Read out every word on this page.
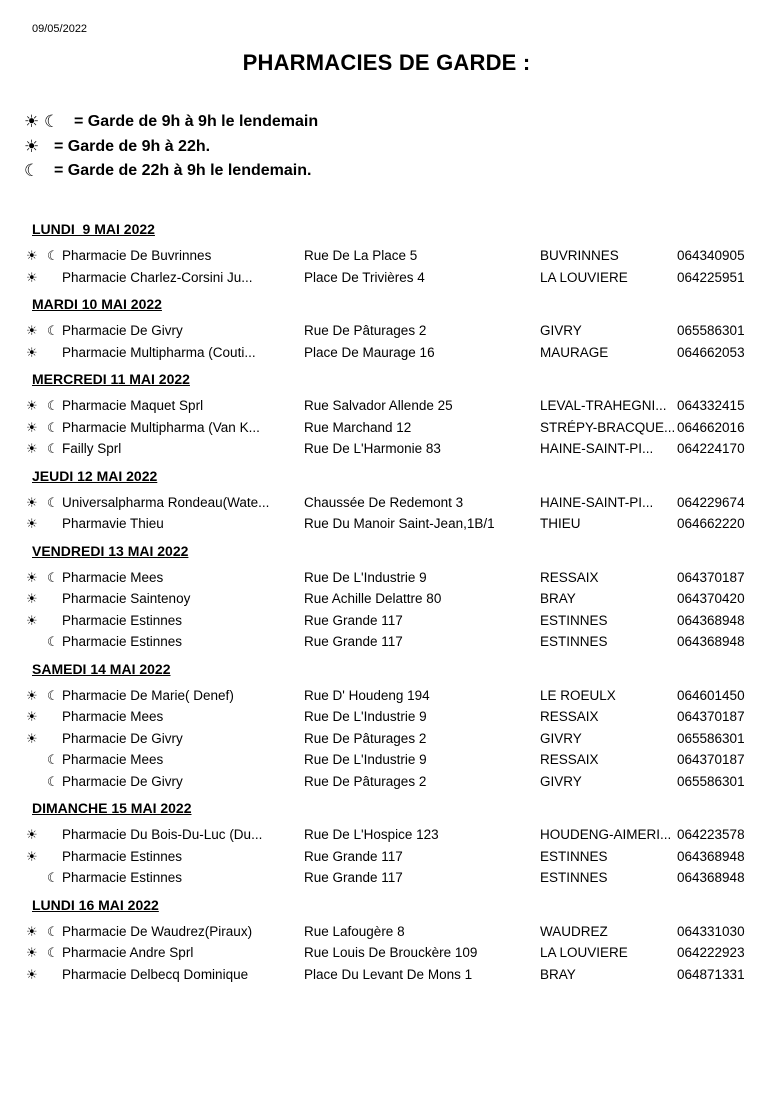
09/05/2022
PHARMACIES DE GARDE :
☀ ☾ = Garde de 9h à 9h le lendemain
☀ = Garde de 9h à 22h.
☾ = Garde de 22h à 9h le lendemain.
LUNDI  9 MAI 2022
☀ ☾ Pharmacie De Buvrinnes	Rue De La Place 5	BUVRINNES	064340905
☀ Pharmacie Charlez-Corsini Ju...	Place De Trivières 4	LA LOUVIERE	064225951
MARDI 10 MAI 2022
☀ ☾ Pharmacie De Givry	Rue De Pâturages 2	GIVRY	065586301
☀ Pharmacie Multipharma (Couti...	Place De Maurage 16	MAURAGE	064662053
MERCREDI 11 MAI 2022
☀ ☾ Pharmacie Maquet Sprl	Rue Salvador Allende 25	LEVAL-TRAHEGNI... 064332415
☀ ☾ Pharmacie Multipharma (Van K...	Rue Marchand 12	STRÉPY-BRACQUE... 064662016
☀ ☾ Failly Sprl	Rue De L'Harmonie 83	HAINE-SAINT-PI... 064224170
JEUDI 12 MAI 2022
☀ ☾ Universalpharma Rondeau(Wate...	Chaussée De Redemont 3	HAINE-SAINT-PI... 064229674
☀ Pharmavie Thieu	Rue Du Manoir Saint-Jean,1B/1	THIEU	064662220
VENDREDI 13 MAI 2022
☀ ☾ Pharmacie Mees	Rue De L'Industrie 9	RESSAIX	064370187
☀ Pharmacie Saintenoy	Rue Achille Delattre 80	BRAY	064370420
☀ Pharmacie Estinnes	Rue Grande 117	ESTINNES	064368948
☾ Pharmacie Estinnes	Rue Grande 117	ESTINNES	064368948
SAMEDI 14 MAI 2022
☀ ☾ Pharmacie De Marie( Denef)	Rue D' Houdeng 194	LE ROEULX	064601450
☀ Pharmacie Mees	Rue De L'Industrie 9	RESSAIX	064370187
☀ Pharmacie De Givry	Rue De Pâturages 2	GIVRY	065586301
☾ Pharmacie Mees	Rue De L'Industrie 9	RESSAIX	064370187
☾ Pharmacie De Givry	Rue De Pâturages 2	GIVRY	065586301
DIMANCHE 15 MAI 2022
☀ Pharmacie Du Bois-Du-Luc (Du...	Rue De L'Hospice 123	HOUDENG-AIMERI... 064223578
☀ Pharmacie Estinnes	Rue Grande 117	ESTINNES	064368948
☾ Pharmacie Estinnes	Rue Grande 117	ESTINNES	064368948
LUNDI 16 MAI 2022
☀ ☾ Pharmacie De Waudrez(Piraux)	Rue Lafougère 8	WAUDREZ	064331030
☀ ☾ Pharmacie Andre Sprl	Rue Louis De Brouckère 109	LA LOUVIERE	064222923
☀ Pharmacie Delbecq Dominique	Place Du Levant De Mons 1	BRAY	064871331
